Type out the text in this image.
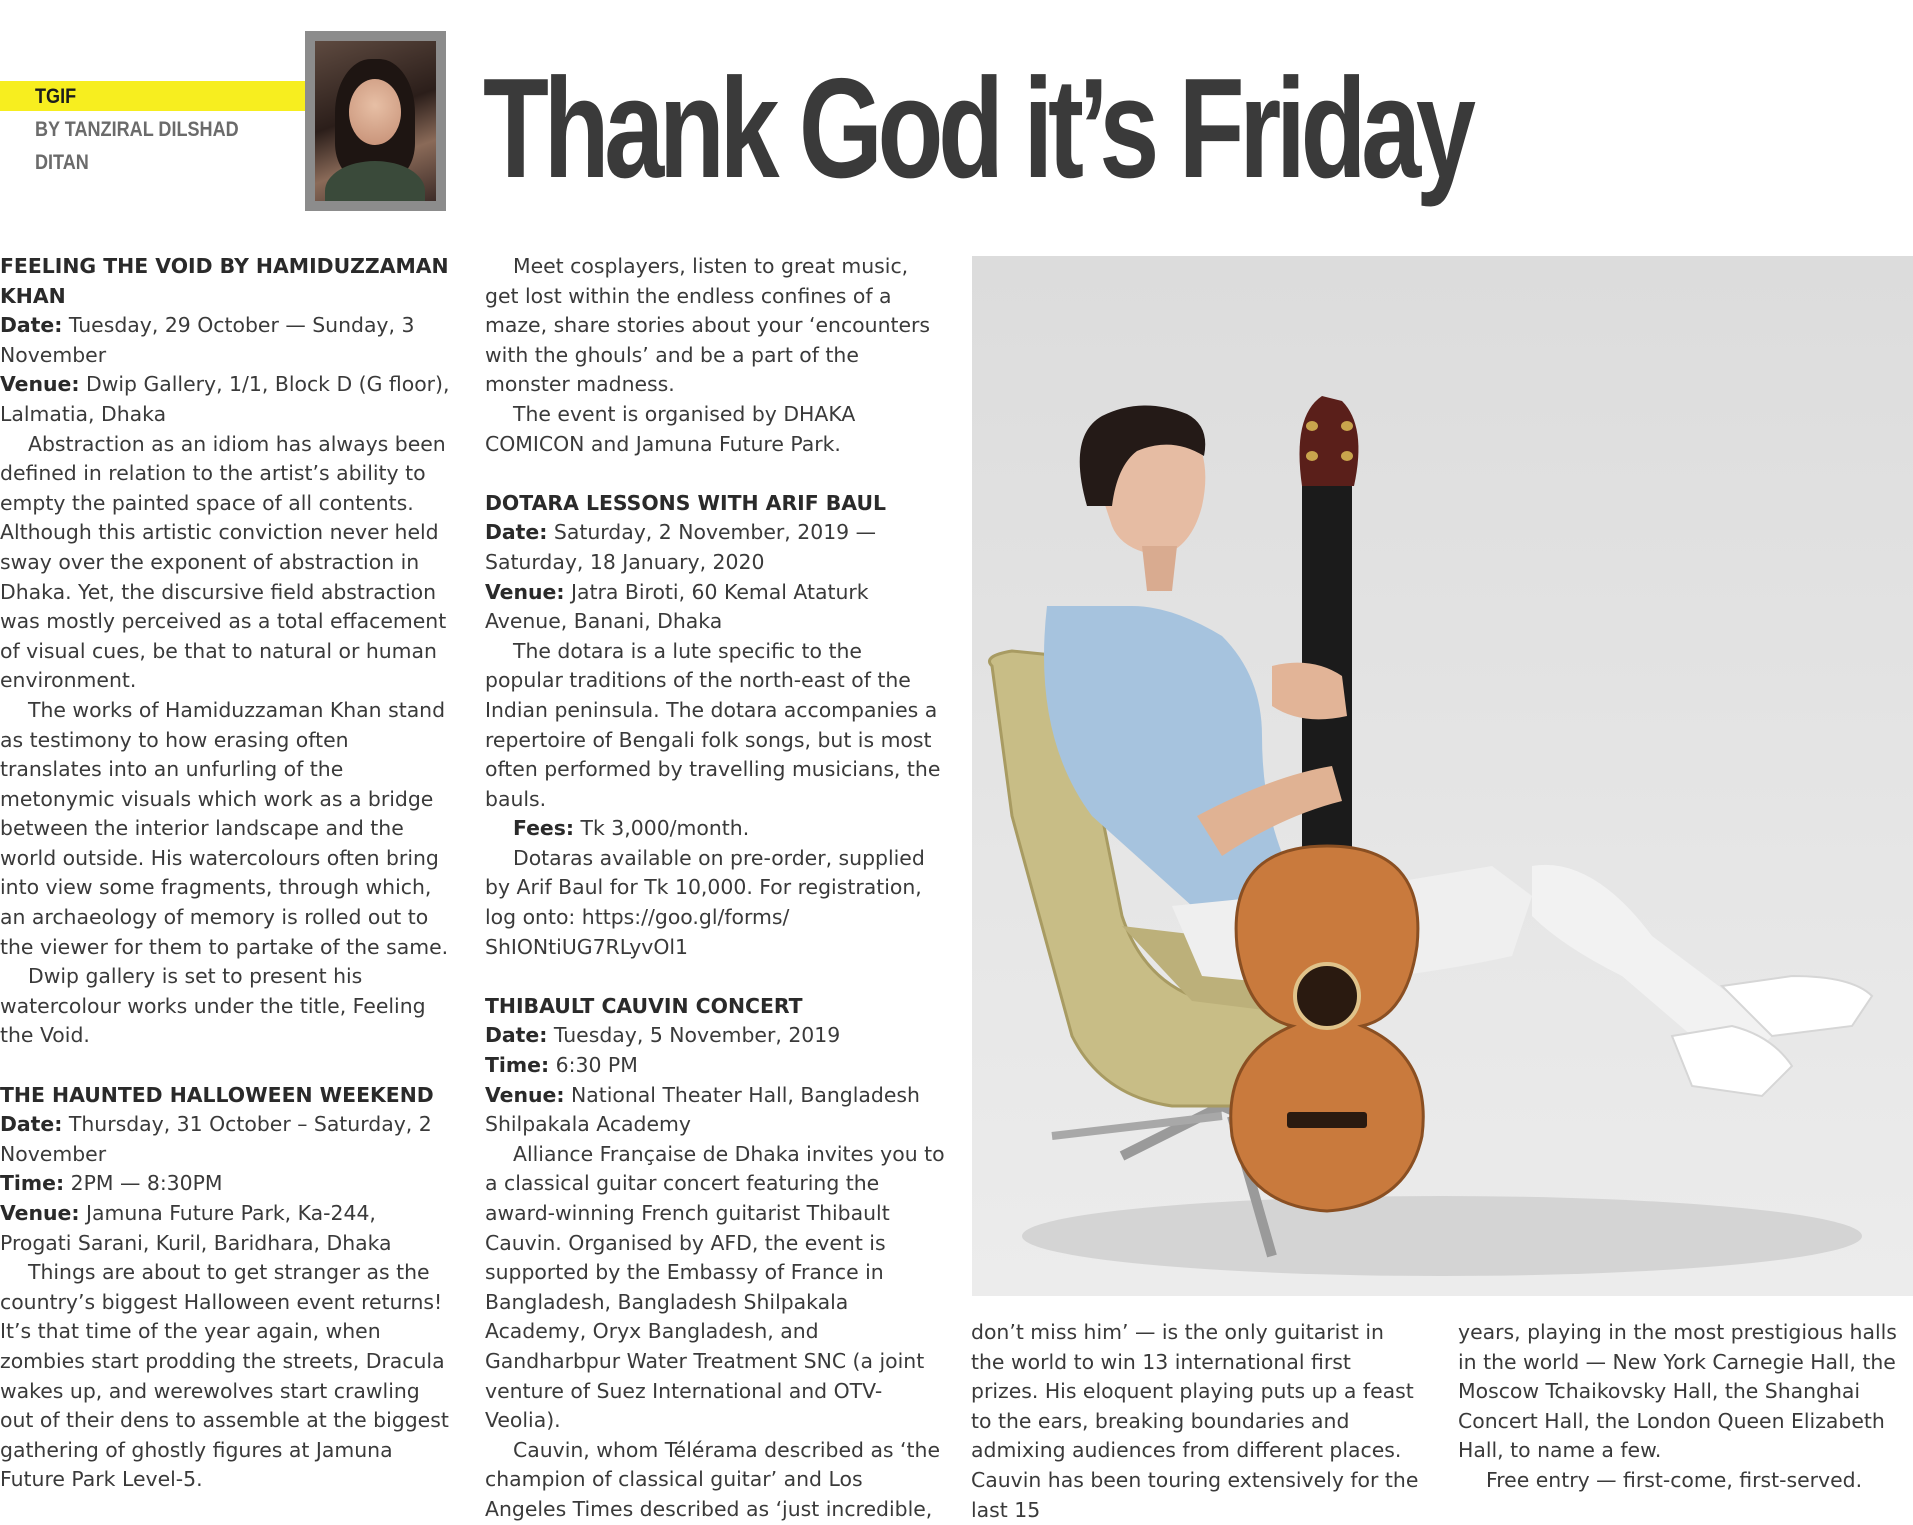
TGIF
BY TANZIRAL DILSHAD
DITAN	Thank God it’s Friday

FEELING THE VOID BY HAMIDUZZAMAN KHAN

Date: Tuesday, 29 October — Sunday, 3 November

Venue: Dwip Gallery, 1/1, Block D (G floor), Lalmatia, Dhaka

Abstraction as an idiom has always been defined in relation to the artist’s ability to empty the painted space of all contents. Although this artistic conviction never held sway over the exponent of abstraction in Dhaka. Yet, the discursive field abstraction was mostly perceived as a total effacement of visual cues, be that to natural or human environment.

The works of Hamiduzzaman Khan stand as testimony to how erasing often translates into an unfurling of the metonymic visuals which work as a bridge between the interior landscape and the world outside. His watercolours often bring into view some fragments, through which, an archaeology of memory is rolled out to the viewer for them to partake of the same.

Dwip gallery is set to present his watercolour works under the title, Feeling the Void.

THE HAUNTED HALLOWEEN WEEKEND

Date: Thursday, 31 October – Saturday, 2 November

Time: 2PM — 8:30PM

Venue: Jamuna Future Park, Ka-244, Progati Sarani, Kuril, Baridhara, Dhaka

Things are about to get stranger as the country’s biggest Halloween event returns! It’s that time of the year again, when zombies start prodding the streets, Dracula wakes up, and werewolves start crawling out of their dens to assemble at the biggest gathering of ghostly figures at Jamuna Future Park Level-5.

Meet cosplayers, listen to great music, get lost within the endless confines of a maze, share stories about your ‘encounters with the ghouls’ and be a part of the monster madness.

The event is organised by DHAKA COMICON and Jamuna Future Park.

DOTARA LESSONS WITH ARIF BAUL

Date: Saturday, 2 November, 2019 — Saturday, 18 January, 2020

Venue: Jatra Biroti, 60 Kemal Ataturk Avenue, Banani, Dhaka

The dotara is a lute specific to the popular traditions of the north-east of the Indian peninsula. The dotara accompanies a repertoire of Bengali folk songs, but is most often performed by travelling musicians, the bauls.

Fees: Tk 3,000/month.

Dotaras available on pre-order, supplied by Arif Baul for Tk 10,000. For registration, log onto: https://goo.gl/forms/

ShIONtiUG7RLyvOl1

THIBAULT CAUVIN CONCERT

Date: Tuesday, 5 November, 2019

Time: 6:30 PM

Venue: National Theater Hall, Bangladesh Shilpakala Academy

Alliance Française de Dhaka invites you to a classical guitar concert featuring the award-winning French guitarist Thibault Cauvin. Organised by AFD, the event is supported by the Embassy of France in Bangladesh, Bangladesh Shilpakala Academy, Oryx Bangladesh, and Gandharbpur Water Treatment SNC (a joint venture of Suez International and OTV-Veolia).

Cauvin, whom Télérama described as ‘the champion of classical guitar’ and Los Angeles Times described as ‘just incredible,

don’t miss him’ — is the only guitarist in the world to win 13 international first prizes. His eloquent playing puts up a feast to the ears, breaking boundaries and admixing audiences from different places. Cauvin has been touring extensively for the last 15

years, playing in the most prestigious halls in the world — New York Carnegie Hall, the Moscow Tchaikovsky Hall, the Shanghai Concert Hall, the London Queen Elizabeth Hall, to name a few.

Free entry — first-come, first-served.
